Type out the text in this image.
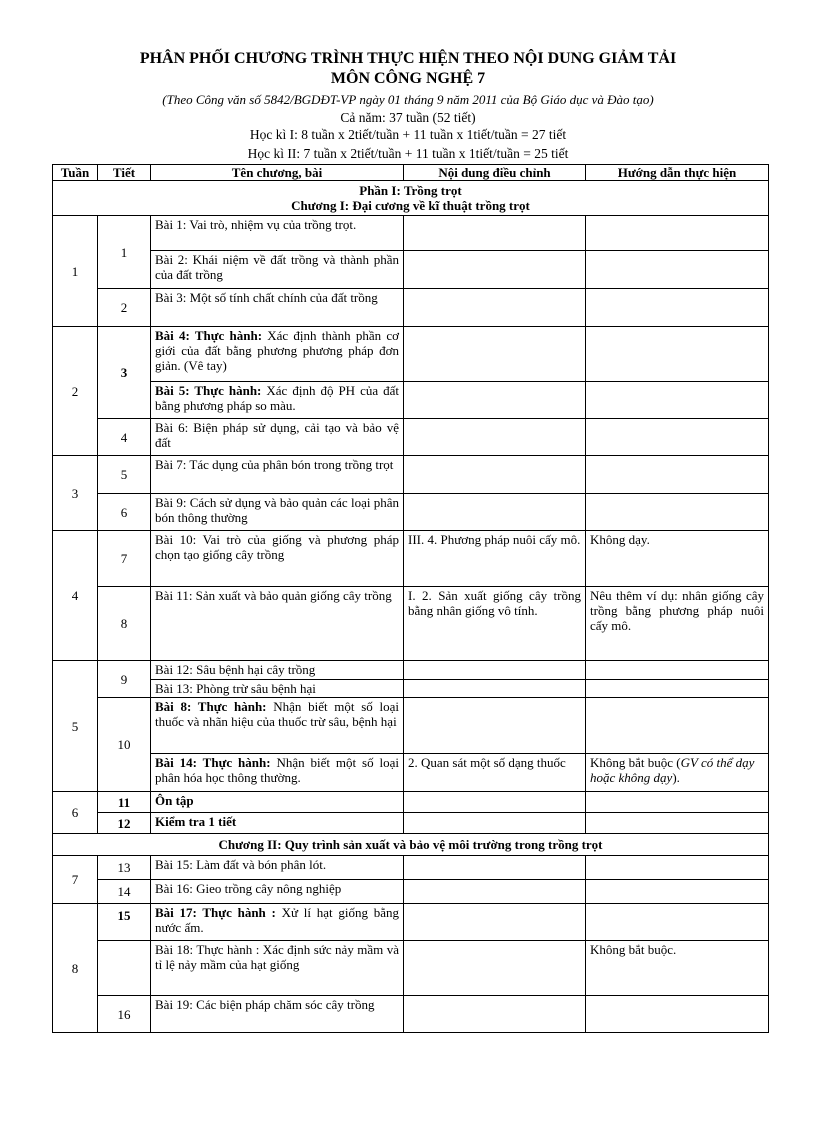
PHÂN PHỐI CHƯƠNG TRÌNH THỰC HIỆN THEO NỘI DUNG GIẢM TẢI
MÔN CÔNG NGHỆ 7
(Theo Công văn số 5842/BGDĐT-VP ngày 01 tháng 9 năm 2011 của Bộ Giáo dục và Đào tạo)
Cả năm: 37 tuần (52 tiết)
Học kì I: 8 tuần x 2tiết/tuần + 11 tuần x 1tiết/tuần = 27 tiết
Học kì II: 7 tuần x 2tiết/tuần + 11 tuần x 1tiết/tuần = 25 tiết
Tuần	Tiết	Tên chương, bài	Nội dung điều chỉnh	Hướng dẫn thực hiện

Phần I: Trồng trọt
Chương I: Đại cương về kĩ thuật trồng trọt				

1	1	Bài 1: Vai trò, nhiệm vụ của trồng trọt.		
		Bài 2: Khái niệm về đất trồng và thành phần của đất trồng		
	2	Bài 3: Một số tính chất chính của đất trồng		
2	3	Bài 4: Thực hành: Xác định thành phần cơ giới của đất bằng phương phương pháp đơn giản. (Vê tay)		
		Bài 5: Thực hành: Xác định độ PH của đất bằng phương pháp so màu.		
	4	Bài 6: Biện pháp sử dụng, cải tạo và bảo vệ đất		
3	5	Bài 7: Tác dụng của phân bón trong trồng trọt		
	6	Bài 9: Cách sử dụng và bảo quản các loại phân bón thông thường		
4	7	Bài 10: Vai trò của giống và phương pháp chọn tạo giống cây trồng	III. 4. Phương pháp nuôi cấy mô.	Không dạy.
	8	Bài 11: Sản xuất và bảo quản giống cây trồng	I. 2. Sản xuất giống cây trồng bằng nhân giống vô tính.	Nêu thêm ví dụ: nhân giống cây trồng bằng phương pháp nuôi cấy mô.
5	9	Bài 12: Sâu bệnh hại cây trồng		
		Bài 13: Phòng trừ sâu bệnh hại		
	10	Bài 8: Thực hành: Nhận biết một số loại thuốc và nhãn hiệu của thuốc trừ sâu, bệnh hại		
		Bài 14: Thực hành: Nhận biết một số loại phân hóa học thông thường.	2. Quan sát một số dạng thuốc	Không bắt buộc (GV có thể dạy hoặc không dạy).
6	11	Ôn tập		
	12	Kiểm tra 1 tiết		
Chương II: Quy trình sản xuất và bảo vệ môi trường trong trồng trọt				
7	13	Bài 15: Làm đất và bón phân lót.		
	14	Bài 16: Gieo trồng cây nông nghiệp		
8	15	Bài 17: Thực hành : Xử lí hạt giống bằng nước ấm.		
		Bài 18: Thực hành : Xác định sức nảy mầm và tỉ lệ nảy mầm của hạt giống		Không bắt buộc.
	16	Bài 19: Các biện pháp chăm sóc cây trồng		
